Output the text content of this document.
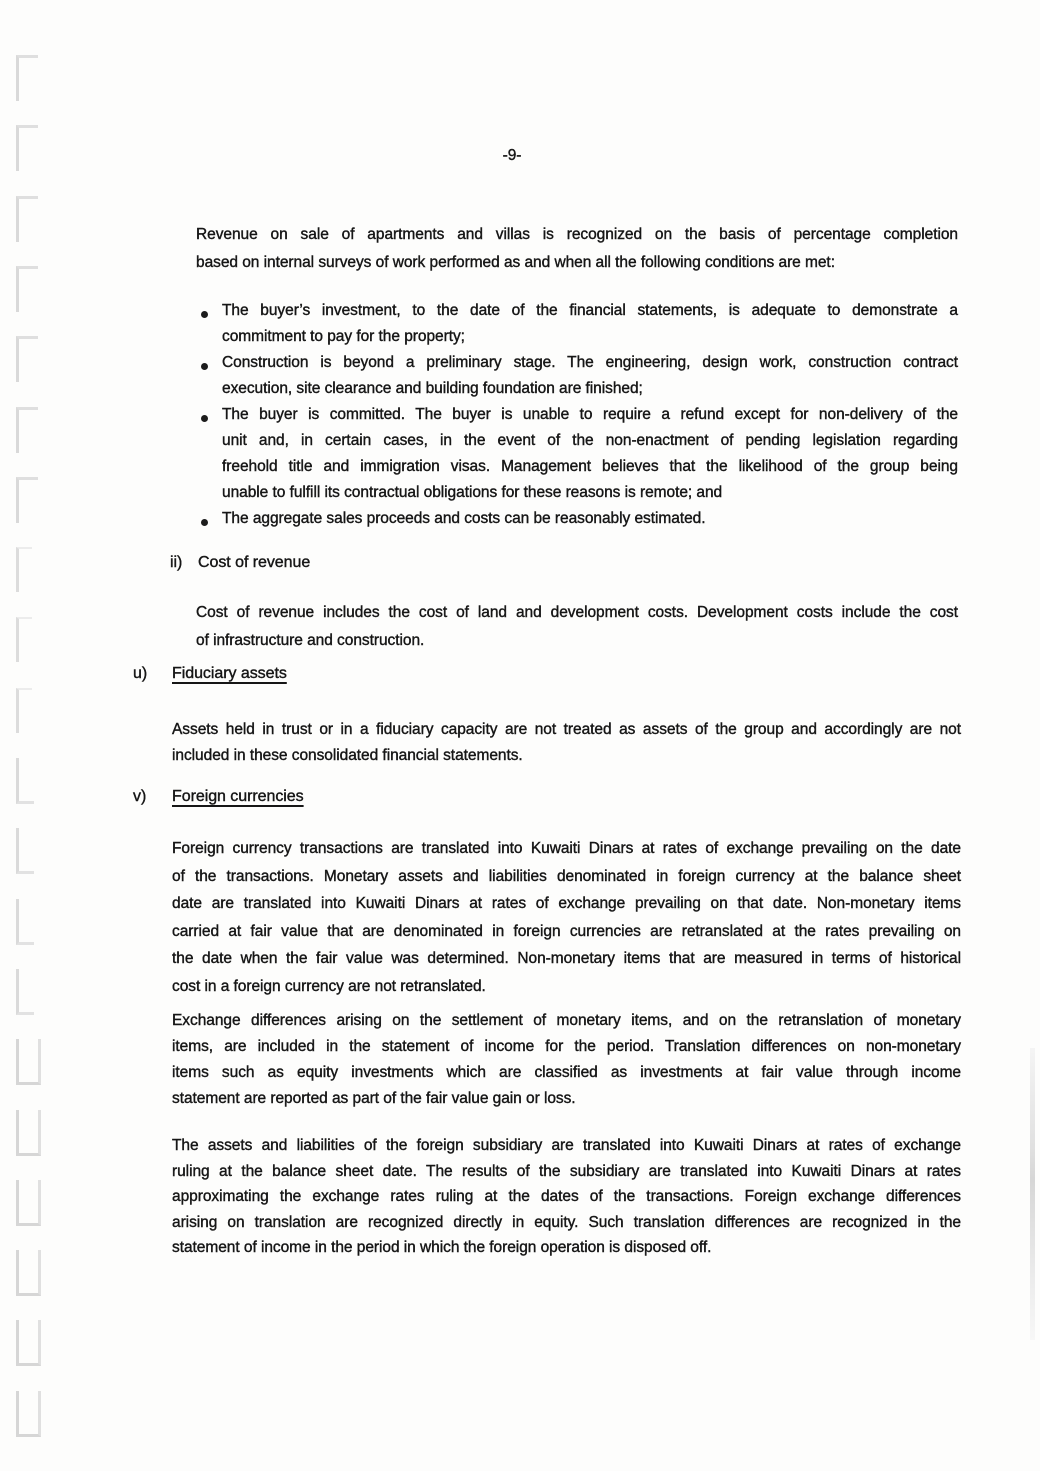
-9-
Revenue on sale of apartments and villas is recognized on the basis of percentage completion
based on internal surveys of work performed as and when all the following conditions are met:
The buyer’s investment, to the date of the financial statements, is adequate to demonstrate a
commitment to pay for the property;
Construction is beyond a preliminary stage. The engineering, design work, construction contract
execution, site clearance and building foundation are finished;
The buyer is committed. The buyer is unable to require a refund except for non-delivery of the
unit and, in certain cases, in the event of the non-enactment of pending legislation regarding
freehold title and immigration visas. Management believes that the likelihood of the group being
unable to fulfill its contractual obligations for these reasons is remote; and
The aggregate sales proceeds and costs can be reasonably estimated.
ii) Cost of revenue
Cost of revenue includes the cost of land and development costs. Development costs include the cost
of infrastructure and construction.
u)	Fiduciary assets
Assets held in trust or in a fiduciary capacity are not treated as assets of the group and accordingly are not
included in these consolidated financial statements.
v)	Foreign currencies
Foreign currency transactions are translated into Kuwaiti Dinars at rates of exchange prevailing on the date
of the transactions. Monetary assets and liabilities denominated in foreign currency at the balance sheet
date are translated into Kuwaiti Dinars at rates of exchange prevailing on that date. Non-monetary items
carried at fair value that are denominated in foreign currencies are retranslated at the rates prevailing on
the date when the fair value was determined. Non-monetary items that are measured in terms of historical
cost in a foreign currency are not retranslated.
Exchange differences arising on the settlement of monetary items, and on the retranslation of monetary
items, are included in the statement of income for the period. Translation differences on non-monetary
items such as equity investments which are classified as investments at fair value through income
statement are reported as part of the fair value gain or loss.
The assets and liabilities of the foreign subsidiary are translated into Kuwaiti Dinars at rates of exchange
ruling at the balance sheet date. The results of the subsidiary are translated into Kuwaiti Dinars at rates
approximating the exchange rates ruling at the dates of the transactions. Foreign exchange differences
arising on translation are recognized directly in equity. Such translation differences are recognized in the
statement of income in the period in which the foreign operation is disposed off.
